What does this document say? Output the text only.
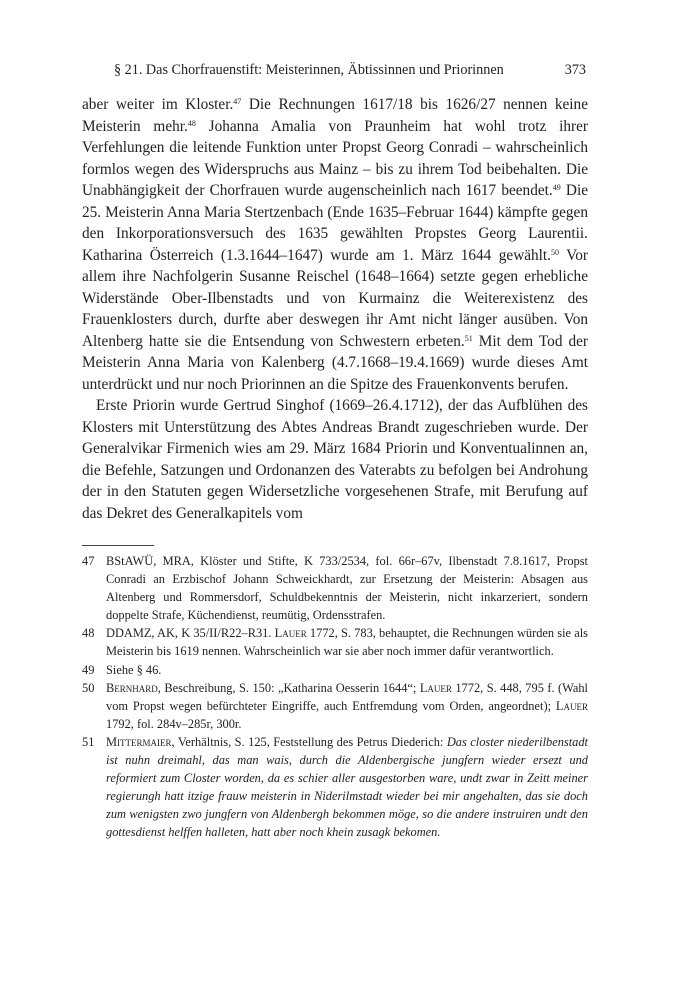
§ 21. Das Chorfrauenstift: Meisterinnen, Äbtissinnen und Priorinnen	373

aber weiter im Kloster.$^{47}$ Die Rechnungen 1617/18 bis 1626/27 nennen keine Meisterin mehr.$^{48}$ Johanna Amalia von Praunheim hat wohl trotz ihrer Verfehlungen die leitende Funktion unter Propst Georg Conradi – wahrscheinlich formlos wegen des Widerspruchs aus Mainz – bis zu ihrem Tod beibehalten. Die Unabhängigkeit der Chorfrauen wurde augenscheinlich nach 1617 beendet.$^{49}$ Die 25. Meisterin Anna Maria Stertzenbach (Ende 1635–Februar 1644) kämpfte gegen den Inkorporationsversuch des 1635 gewählten Propstes Georg Laurentii. Katharina Österreich (1.3.1644–1647) wurde am 1. März 1644 gewählt.$^{50}$ Vor allem ihre Nachfolgerin Susanne Reischel (1648–1664) setzte gegen erhebliche Widerstände Ober-Ilbenstadts und von Kurmainz die Weiterexistenz des Frauenklosters durch, durfte aber deswegen ihr Amt nicht länger ausüben. Von Altenberg hatte sie die Entsendung von Schwestern erbeten.$^{51}$ Mit dem Tod der Meisterin Anna Maria von Kalenberg (4.7.1668–19.4.1669) wurde dieses Amt unterdrückt und nur noch Priorinnen an die Spitze des Frauenkonvents berufen.

Erste Priorin wurde Gertrud Singhof (1669–26.4.1712), der das Aufblühen des Klosters mit Unterstützung des Abtes Andreas Brandt zugeschrieben wurde. Der Generalvikar Firmenich wies am 29. März 1684 Priorin und Konventualinnen an, die Befehle, Satzungen und Ordonanzen des Vaterabts zu befolgen bei Androhung der in den Statuten gegen Widersetzliche vorgesehenen Strafe, mit Berufung auf das Dekret des Generalkapitels vom

47 BStAWÜ, MRA, Klöster und Stifte, K 733/2534, fol. 66r–67v, Ilbenstadt 7.8.1617, Propst Conradi an Erzbischof Johann Schweickhardt, zur Ersetzung der Meisterin: Absagen aus Altenberg und Rommersdorf, Schuldbekenntnis der Meisterin, nicht inkarzeriert, sondern doppelte Strafe, Küchendienst, reumütig, Ordensstrafen.
48 DDAMZ, AK, K 35/II/R22–R31. Lauer 1772, S. 783, behauptet, die Rechnungen würden sie als Meisterin bis 1619 nennen. Wahrscheinlich war sie aber noch immer dafür verantwortlich.
49 Siehe § 46.
50 Bernhard, Beschreibung, S. 150: „Katharina Oesserin 1644“; Lauer 1772, S. 448, 795 f. (Wahl vom Propst wegen befürchteter Eingriffe, auch Entfremdung vom Orden, angeordnet); Lauer 1792, fol. 284v–285r, 300r.
51 Mittermaier, Verhältnis, S. 125, Feststellung des Petrus Diederich: Das closter niederilbenstadt ist nuhn dreimahl, das man wais, durch die Aldenbergische jungfern wieder ersezt und reformiert zum Closter worden, da es schier aller ausgestorben ware, undt zwar in Zeitt meiner regierungh hatt itzige frauw meisterin in Niderilmstadt wieder bei mir angehalten, das sie doch zum wenigsten zwo jungfern von Aldenbergh bekommen möge, so die andere instruiren undt den gottesdienst helffen halleten, hatt aber noch khein zusagk bekomen.
